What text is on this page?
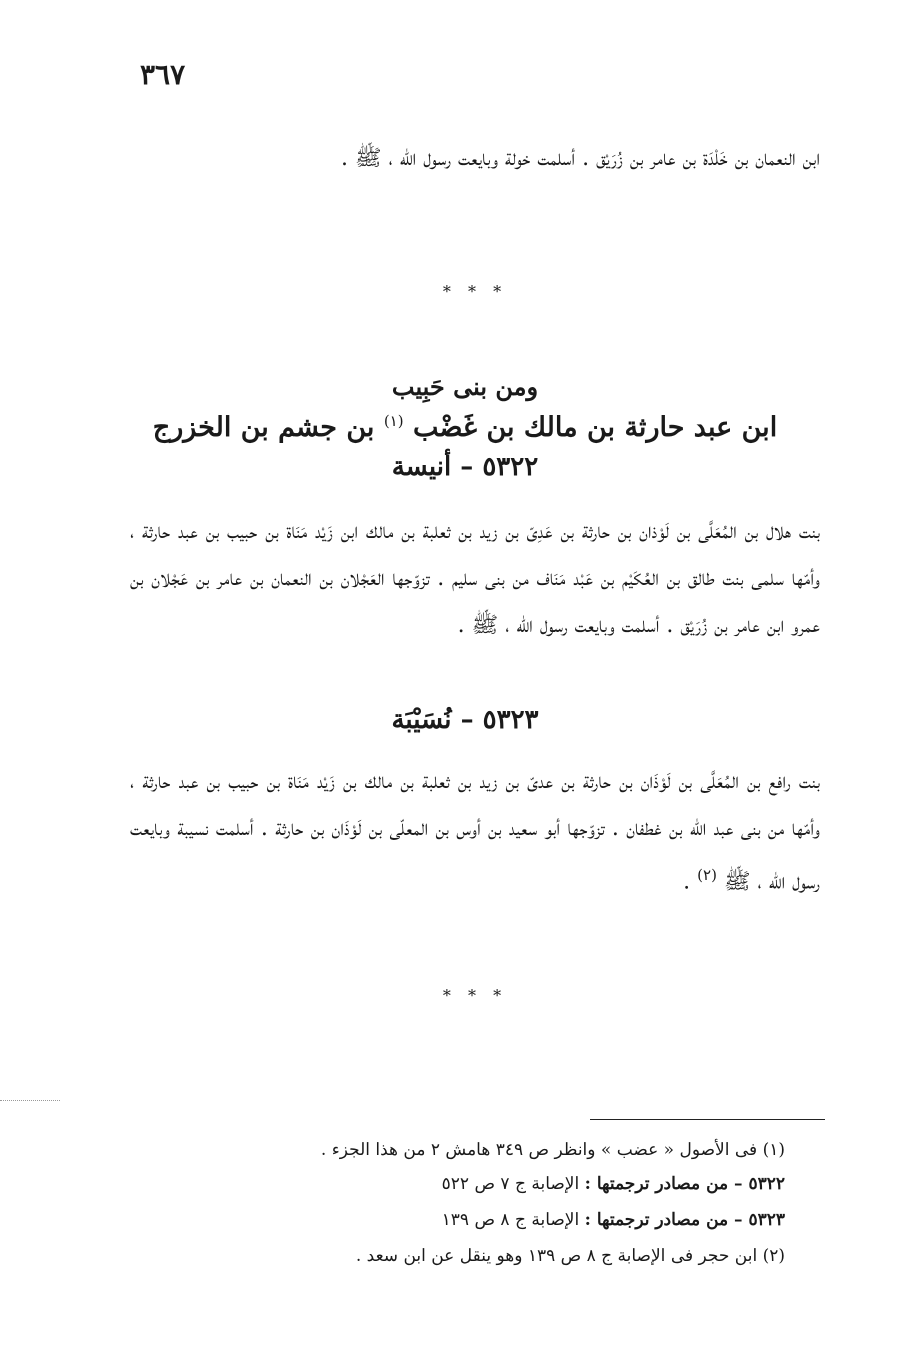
٣٦٧
ابن النعمان بن خَلْدَة بن عامر بن زُرَيْق . أسلمت خولة وبايعت رسول الله ، ﷺ .
* * *
ومن بنى حَبِيب
ابن عبد حارثة بن مالك بن غَضْب $^{(١)}$ بن جشم بن الخزرج
٥٣٢٢ – أنيسة
بنت هلال بن المُعَلَّى بن لَوْذان بن حارثة بن عَدِىّ بن زيد بن ثعلبة بن مالك ابن زَيْد مَنَاة بن حبيب بن عبد حارثة ، وأمّها سلمى بنت طالق بن العُكَيْم بن عَبْد مَنَاف من بنى سليم . تزوّجها العَجْلان بن النعمان بن عامر بن عَجْلان بن عمرو ابن عامر بن زُرَيْق . أسلمت وبايعت رسول الله ، ﷺ .
٥٣٢٣ – نُسَيْبَة
بنت رافع بن المُعَلَّى بن لَوْذَان بن حارثة بن عدىّ بن زيد بن ثعلبة بن مالك بن زَيْد مَنَاة بن حبيب بن عبد حارثة ، وأمّها من بنى عبد الله بن غطفان . تزوّجها أبو سعيد بن أوس بن المعلّى بن لَوْذَان بن حارثة . أسلمت نسيبة وبايعت رسول الله ، ﷺ $^{(٢)}$ .
* * *
(١) فى الأصول « عضب » وانظر ص ٣٤٩ هامش ٢ من هذا الجزء .
٥٣٢٢ – من مصادر ترجمتها : الإصابة ج ٧ ص ٥٢٢
٥٣٢٣ – من مصادر ترجمتها : الإصابة ج ٨ ص ١٣٩
(٢) ابن حجر فى الإصابة ج ٨ ص ١٣٩ وهو ينقل عن ابن سعد .
